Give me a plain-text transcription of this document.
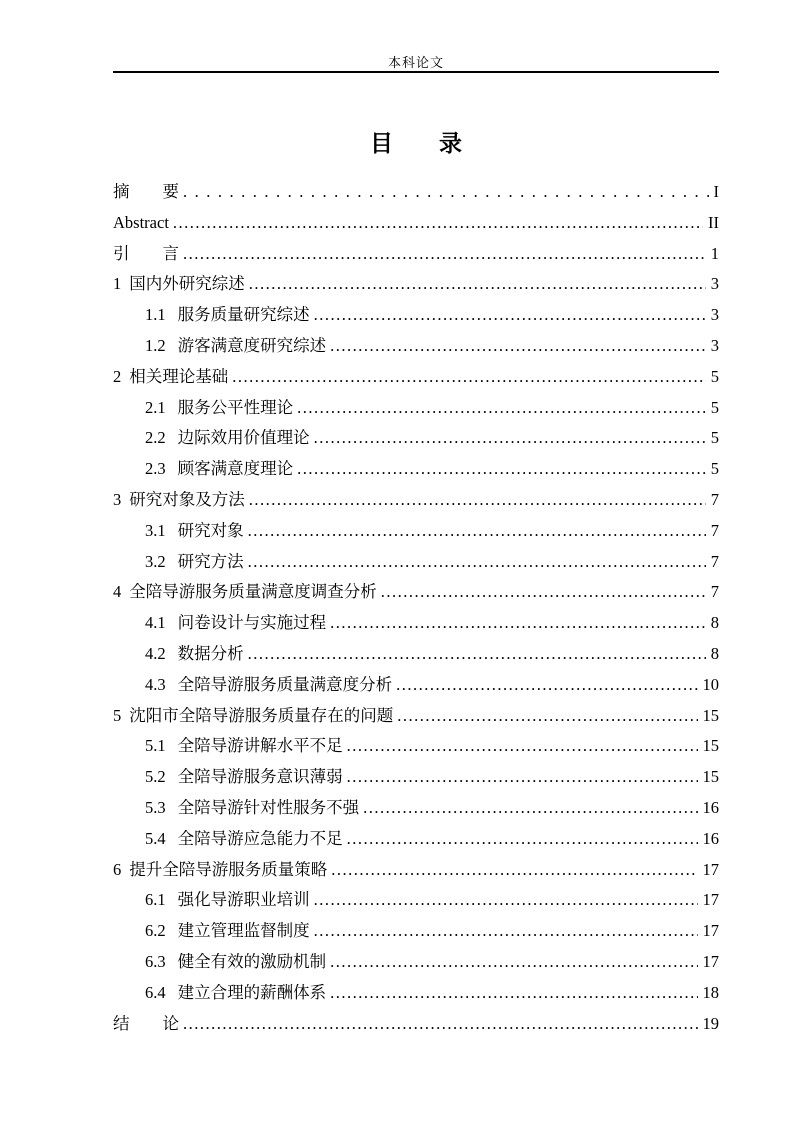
本科论文
目　　录
摘　　要 .....	I
Abstract .....	II
引　　言 .....	1
1 国内外研究综述 .....	3
1.1 服务质量研究综述 .....	3
1.2 游客满意度研究综述 .....	3
2 相关理论基础 .....	5
2.1 服务公平性理论 .....	5
2.2 边际效用价值理论 .....	5
2.3 顾客满意度理论 .....	5
3 研究对象及方法 .....	7
3.1 研究对象 .....	7
3.2 研究方法 .....	7
4 全陪导游服务质量满意度调查分析 .....	7
4.1 问卷设计与实施过程 .....	8
4.2 数据分析 .....	8
4.3 全陪导游服务质量满意度分析 .....	10
5 沈阳市全陪导游服务质量存在的问题 .....	15
5.1 全陪导游讲解水平不足 .....	15
5.2 全陪导游服务意识薄弱 .....	15
5.3 全陪导游针对性服务不强 .....	16
5.4 全陪导游应急能力不足 .....	16
6 提升全陪导游服务质量策略 .....	17
6.1 强化导游职业培训 .....	17
6.2 建立管理监督制度 .....	17
6.3 健全有效的激励机制 .....	17
6.4 建立合理的薪酬体系 .....	18
结　　论 .....	19
